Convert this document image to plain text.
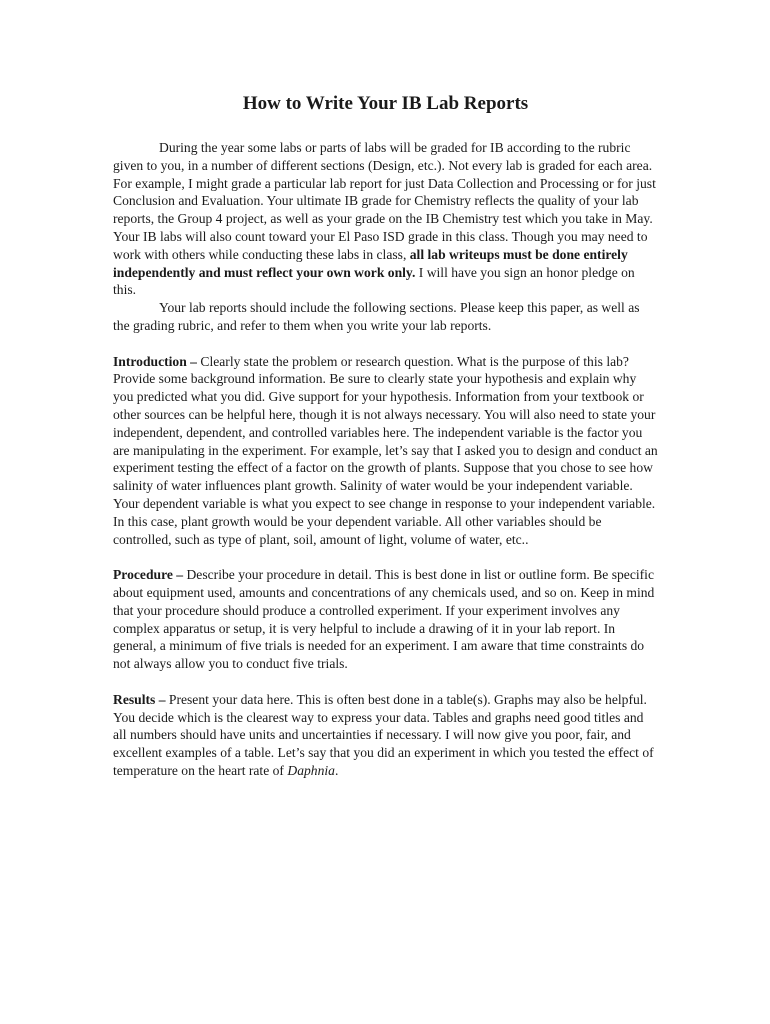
How to Write Your IB Lab Reports

During the year some labs or parts of labs will be graded for IB according to the rubric given to you, in a number of different sections (Design, etc.). Not every lab is graded for each area. For example, I might grade a particular lab report for just Data Collection and Processing or for just Conclusion and Evaluation. Your ultimate IB grade for Chemistry reflects the quality of your lab reports, the Group 4 project, as well as your grade on the IB Chemistry test which you take in May. Your IB labs will also count toward your El Paso ISD grade in this class. Though you may need to work with others while conducting these labs in class, all lab writeups must be done entirely independently and must reflect your own work only. I will have you sign an honor pledge on this.

Your lab reports should include the following sections. Please keep this paper, as well as the grading rubric, and refer to them when you write your lab reports.

Introduction – Clearly state the problem or research question. What is the purpose of this lab? Provide some background information. Be sure to clearly state your hypothesis and explain why you predicted what you did. Give support for your hypothesis. Information from your textbook or other sources can be helpful here, though it is not always necessary. You will also need to state your independent, dependent, and controlled variables here. The independent variable is the factor you are manipulating in the experiment. For example, let’s say that I asked you to design and conduct an experiment testing the effect of a factor on the growth of plants. Suppose that you chose to see how salinity of water influences plant growth. Salinity of water would be your independent variable. Your dependent variable is what you expect to see change in response to your independent variable. In this case, plant growth would be your dependent variable. All other variables should be controlled, such as type of plant, soil, amount of light, volume of water, etc..

Procedure – Describe your procedure in detail. This is best done in list or outline form. Be specific about equipment used, amounts and concentrations of any chemicals used, and so on. Keep in mind that your procedure should produce a controlled experiment. If your experiment involves any complex apparatus or setup, it is very helpful to include a drawing of it in your lab report. In general, a minimum of five trials is needed for an experiment. I am aware that time constraints do not always allow you to conduct five trials.

Results – Present your data here. This is often best done in a table(s). Graphs may also be helpful. You decide which is the clearest way to express your data. Tables and graphs need good titles and all numbers should have units and uncertainties if necessary. I will now give you poor, fair, and excellent examples of a table. Let’s say that you did an experiment in which you tested the effect of temperature on the heart rate of Daphnia.
